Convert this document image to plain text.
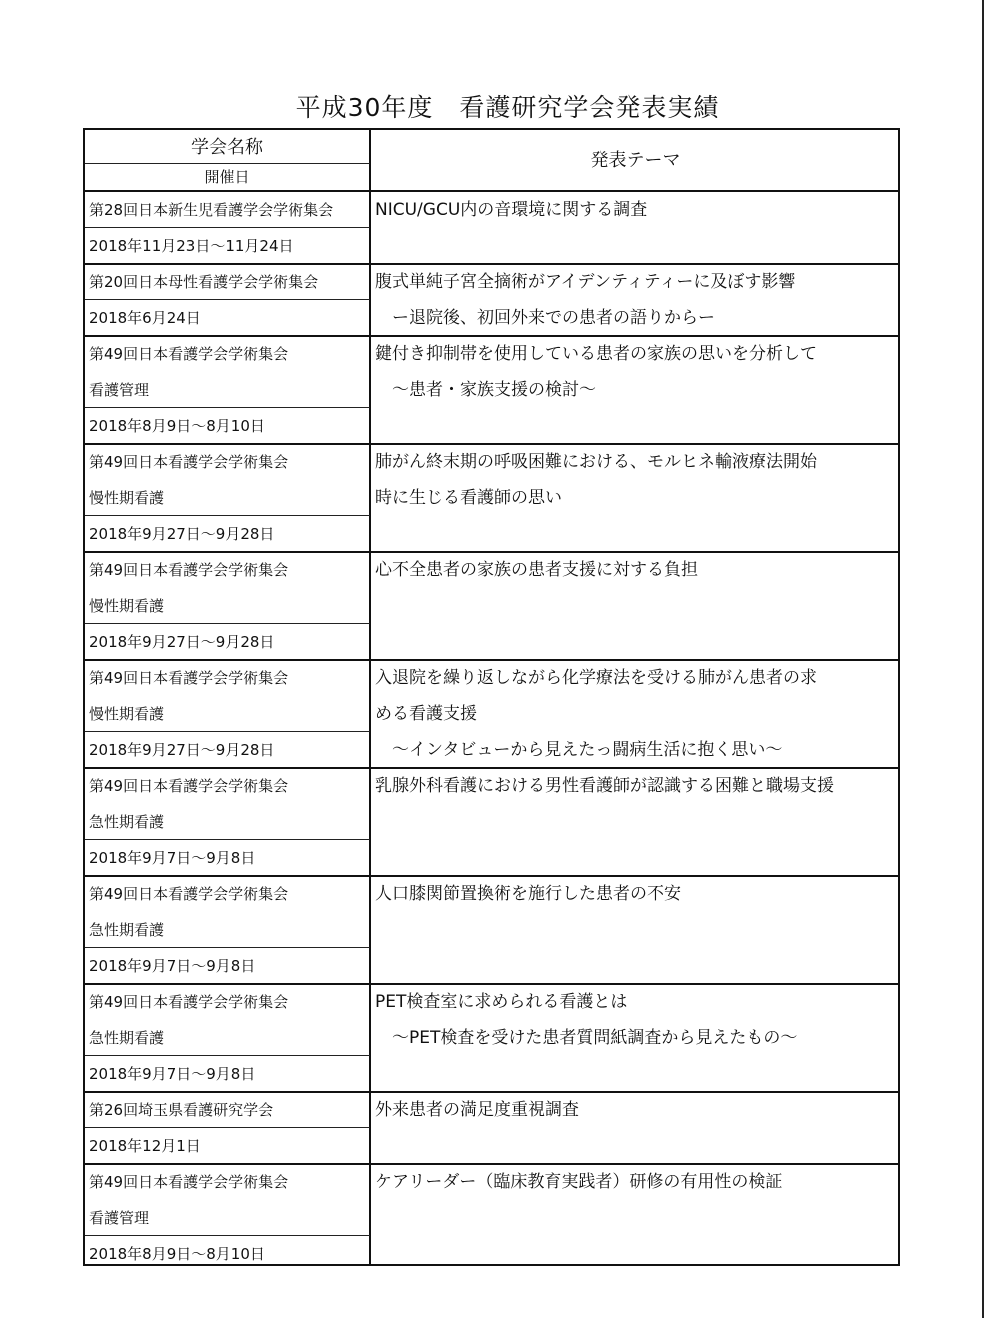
平成30年度　看護研究学会発表実績
学会名称
開催日
発表テーマ
第28回日本新生児看護学会学術集会
2018年11月23日～11月24日
NICU/GCU内の音環境に関する調査
第20回日本母性看護学会学術集会
2018年6月24日
腹式単純子宮全摘術がアイデンティティーに及ぼす影響
　ー退院後、初回外来での患者の語りからー
第49回日本看護学会学術集会
看護管理
2018年8月9日～8月10日
鍵付き抑制帯を使用している患者の家族の思いを分析して
　～患者・家族支援の検討～
第49回日本看護学会学術集会
慢性期看護
2018年9月27日～9月28日
肺がん終末期の呼吸困難における、モルヒネ輸液療法開始
時に生じる看護師の思い
第49回日本看護学会学術集会
慢性期看護
2018年9月27日～9月28日
心不全患者の家族の患者支援に対する負担
第49回日本看護学会学術集会
慢性期看護
2018年9月27日～9月28日
入退院を繰り返しながら化学療法を受ける肺がん患者の求
める看護支援
　～インタビューから見えたっ闘病生活に抱く思い～
第49回日本看護学会学術集会
急性期看護
2018年9月7日～9月8日
乳腺外科看護における男性看護師が認識する困難と職場支援
第49回日本看護学会学術集会
急性期看護
2018年9月7日～9月8日
人口膝関節置換術を施行した患者の不安
第49回日本看護学会学術集会
急性期看護
2018年9月7日～9月8日
PET検査室に求められる看護とは
　～PET検査を受けた患者質問紙調査から見えたもの～
第26回埼玉県看護研究学会
2018年12月1日
外来患者の満足度重視調査
第49回日本看護学会学術集会
看護管理
2018年8月9日～8月10日
ケアリーダー（臨床教育実践者）研修の有用性の検証
